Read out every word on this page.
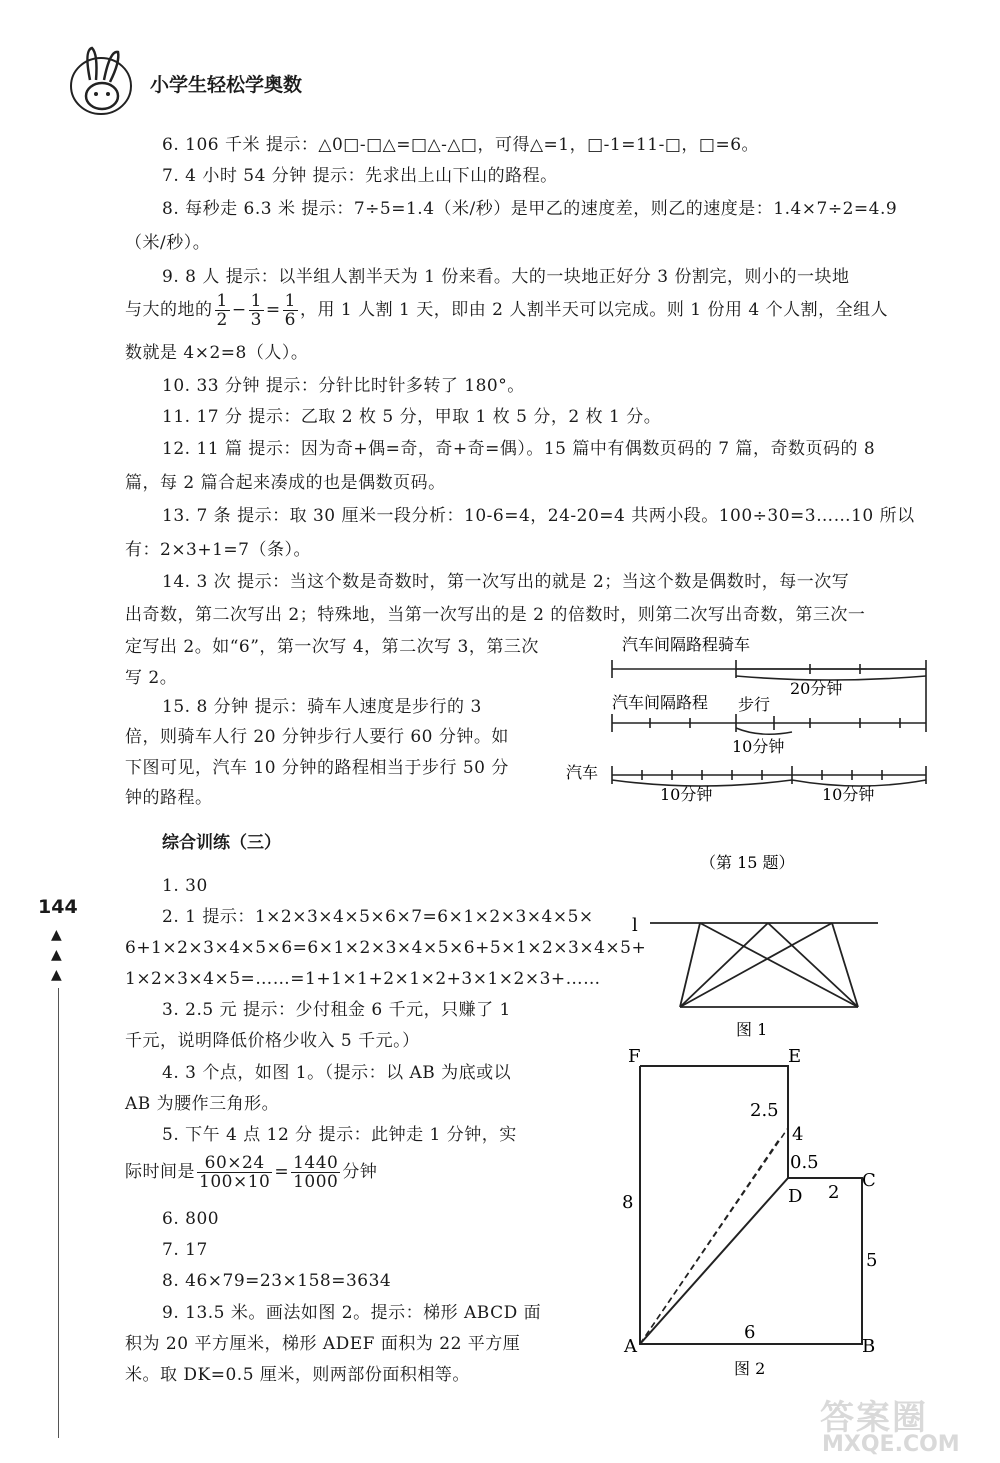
小学生轻松学奥数
6. 106 千米 提示：△0□-□△=□△-△□，可得△=1，□-1=11-□，□=6。
7. 4 小时 54 分钟 提示：先求出上山下山的路程。
8. 每秒走 6.3 米 提示：7÷5=1.4（米/秒）是甲乙的速度差，则乙的速度是：1.4×7÷2=4.9
（米/秒）。
9. 8 人 提示：以半组人割半天为 1 份来看。大的一块地正好分 3 份割完，则小的一块地
与大的地的 $\frac{1}{2} - \frac{1}{3} = \frac{1}{6}$ ，用 1 人割 1 天，即由 2 人割半天可以完成。则 1 份用 4 个人割，全组人
数就是 4×2=8（人）。
10. 33 分钟 提示：分针比时针多转了 180°。
11. 17 分 提示：乙取 2 枚 5 分，甲取 1 枚 5 分，2 枚 1 分。
12. 11 篇 提示：因为奇+偶=奇，奇+奇=偶）。15 篇中有偶数页码的 7 篇，奇数页码的 8
篇，每 2 篇合起来凑成的也是偶数页码。
13. 7 条 提示：取 30 厘米一段分析：10-6=4，24-20=4 共两小段。100÷30=3……10 所以
有：2×3+1=7（条）。
14. 3 次 提示：当这个数是奇数时，第一次写出的就是 2；当这个数是偶数时，每一次写
出奇数，第二次写出 2；特殊地，当第一次写出的是 2 的倍数时，则第二次写出奇数，第三次一
定写出 2。如“6”，第一次写 4，第二次写 3，第三次
写 2。
15. 8 分钟 提示：骑车人速度是步行的 3
倍，则骑车人行 20 分钟步行人要行 60 分钟。如
下图可见，汽车 10 分钟的路程相当于步行 50 分
钟的路程。
综合训练（三）
1. 30
2. 1 提示：1×2×3×4×5×6×7=6×1×2×3×4×5×
6+1×2×3×4×5×6=6×1×2×3×4×5×6+5×1×2×3×4×5+
1×2×3×4×5=……=1+1×1+2×1×2+3×1×2×3+……
3. 2.5 元 提示：少付租金 6 千元，只赚了 1
千元，说明降低价格少收入 5 千元。）
4. 3 个点，如图 1。（提示：以 AB 为底或以
AB 为腰作三角形。
5. 下午 4 点 12 分 提示：此钟走 1 分钟，实
际时间是 $\frac{60\times 24}{100\times 10} = \frac{1440}{1000}$ 分钟
6. 800
7. 17
8. 46×79=23×158=3634
9. 13.5 米。画法如图 2。提示：梯形 ABCD 面
积为 20 平方厘米，梯形 ADEF 面积为 22 平方厘
米。取 DK=0.5 厘米，则两部份面积相等。
144
▲
▲
▲
汽车间隔路程骑车
20分钟
汽车间隔路程 步行
10分钟
汽车
10分钟	10分钟
（第 15 题）
l
图 1
F	E
C
D
A	B
2.5
4
0.5
2
8
5
6
图 2
答案圈
MXQE.COM
